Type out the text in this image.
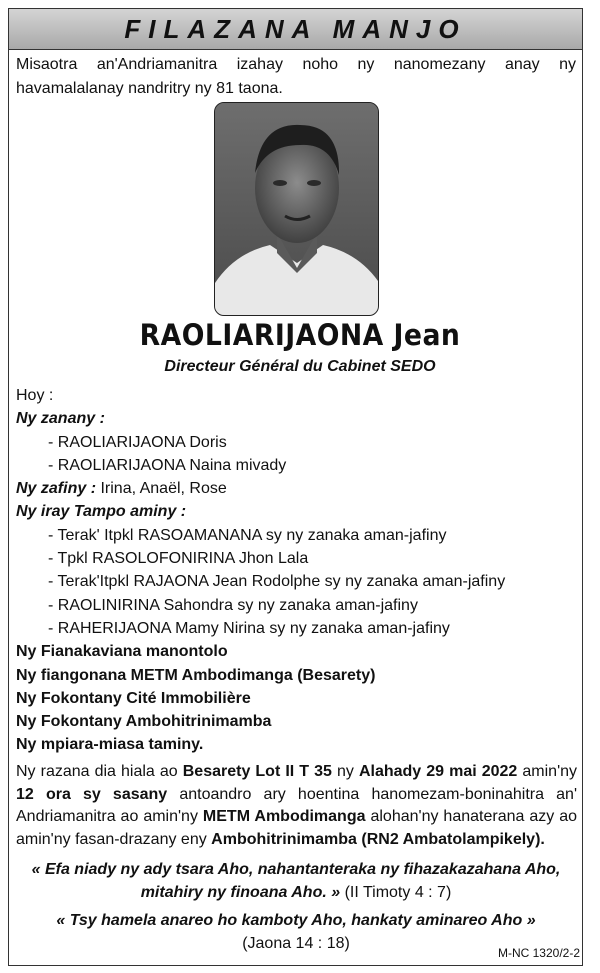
FILAZANA MANJO
Misaotra an'Andriamanitra izahay noho ny nanomezany anay ny havamalalanay nandritry ny 81 taona.
RAOLIARIJAONA Jean
Directeur Général du Cabinet SEDO
Hoy :
Ny zanany :
- RAOLIARIJAONA Doris
- RAOLIARIJAONA Naina mivady
Ny zafiny : Irina, Anaël, Rose
Ny iray Tampo aminy :
- Terak' Itpkl RASOAMANANA sy ny zanaka aman-jafiny
- Tpkl RASOLOFONIRINA Jhon Lala
- Terak'Itpkl RAJAONA Jean Rodolphe sy ny zanaka aman-jafiny
- RAOLINIRINA Sahondra sy ny zanaka aman-jafiny
- RAHERIJAONA Mamy Nirina sy ny zanaka aman-jafiny
Ny Fianakaviana manontolo
Ny fiangonana METM Ambodimanga (Besarety)
Ny Fokontany Cité Immobilière
Ny Fokontany Ambohitrinimamba
Ny mpiara-miasa taminy.
Ny razana dia hiala ao Besarety Lot II T 35 ny Alahady 29 mai 2022 amin'ny 12 ora sy sasany antoandro ary hoentina hanomezam-boninahitra an' Andriamanitra ao amin'ny METM Ambodimanga alohan'ny hanaterana azy ao amin'ny fasan-drazany eny Ambohitrinimamba (RN2 Ambatolampikely).
« Efa niady ny ady tsara Aho, nahantanteraka ny fihazakazahana Aho, mitahiry ny finoana Aho. » (II Timoty 4 : 7)
« Tsy hamela anareo ho kamboty Aho, hankaty aminareo Aho »
(Jaona 14 : 18)
M-NC 1320/2-2
